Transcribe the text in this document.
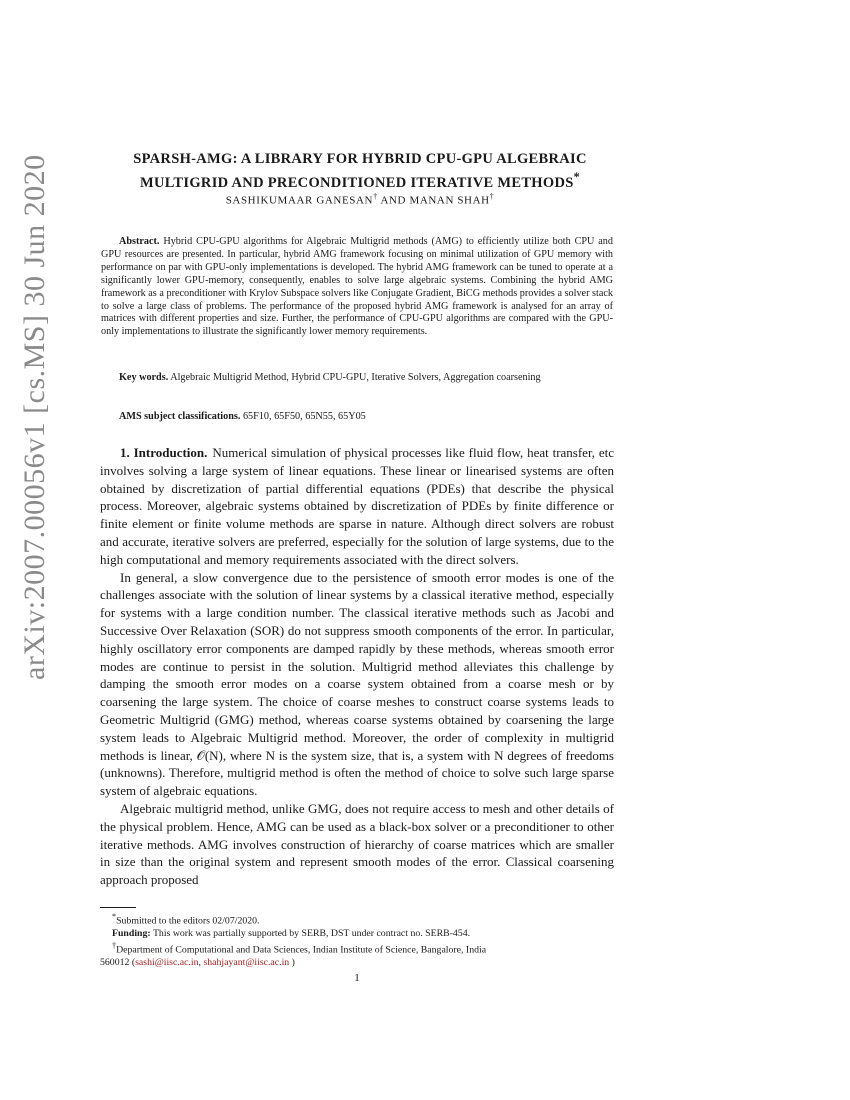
arXiv:2007.00056v1 [cs.MS] 30 Jun 2020	SPARSH-AMG: A LIBRARY FOR HYBRID CPU-GPU ALGEBRAIC
MULTIGRID AND PRECONDITIONED ITERATIVE METHODS*
SASHIKUMAAR GANESAN† AND MANAN SHAH†
Abstract. Hybrid CPU-GPU algorithms for Algebraic Multigrid methods (AMG) to efficiently utilize both CPU and GPU resources are presented. In particular, hybrid AMG framework focusing on minimal utilization of GPU memory with performance on par with GPU-only implementations is developed. The hybrid AMG framework can be tuned to operate at a significantly lower GPU-memory, consequently, enables to solve large algebraic systems. Combining the hybrid AMG framework as a preconditioner with Krylov Subspace solvers like Conjugate Gradient, BiCG methods provides a solver stack to solve a large class of problems. The performance of the proposed hybrid AMG framework is analysed for an array of matrices with different properties and size. Further, the performance of CPU-GPU algorithms are compared with the GPU-only implementations to illustrate the significantly lower memory requirements.
Key words. Algebraic Multigrid Method, Hybrid CPU-GPU, Iterative Solvers, Aggregation coarsening
AMS subject classifications. 65F10, 65F50, 65N55, 65Y05

1. Introduction. Numerical simulation of physical processes like fluid flow, heat transfer, etc involves solving a large system of linear equations. These linear or linearised systems are often obtained by discretization of partial differential equations (PDEs) that describe the physical process. Moreover, algebraic systems obtained by discretization of PDEs by finite difference or finite element or finite volume methods are sparse in nature. Although direct solvers are robust and accurate, iterative solvers are preferred, especially for the solution of large systems, due to the high computational and memory requirements associated with the direct solvers.

In general, a slow convergence due to the persistence of smooth error modes is one of the challenges associate with the solution of linear systems by a classical iterative method, especially for systems with a large condition number. The classical iterative methods such as Jacobi and Successive Over Relaxation (SOR) do not suppress smooth components of the error. In particular, highly oscillatory error components are damped rapidly by these methods, whereas smooth error modes are continue to persist in the solution. Multigrid method alleviates this challenge by damping the smooth error modes on a coarse system obtained from a coarse mesh or by coarsening the large system. The choice of coarse meshes to construct coarse systems leads to Geometric Multigrid (GMG) method, whereas coarse systems obtained by coarsening the large system leads to Algebraic Multigrid method. Moreover, the order of complexity in multigrid methods is linear, 𝒪(N), where N is the system size, that is, a system with N degrees of freedoms (unknowns). Therefore, multigrid method is often the method of choice to solve such large sparse system of algebraic equations.

Algebraic multigrid method, unlike GMG, does not require access to mesh and other details of the physical problem. Hence, AMG can be used as a black-box solver or a preconditioner to other iterative methods. AMG involves construction of hierarchy of coarse matrices which are smaller in size than the original system and represent smooth modes of the error. Classical coarsening approach proposed

*Submitted to the editors 02/07/2020.

Funding: This work was partially supported by SERB, DST under contract no. SERB-454.

†Department of Computational and Data Sciences, Indian Institute of Science, Bangalore, India

560012 (sashi@iisc.ac.in, shahjayant@iisc.ac.in )

1
